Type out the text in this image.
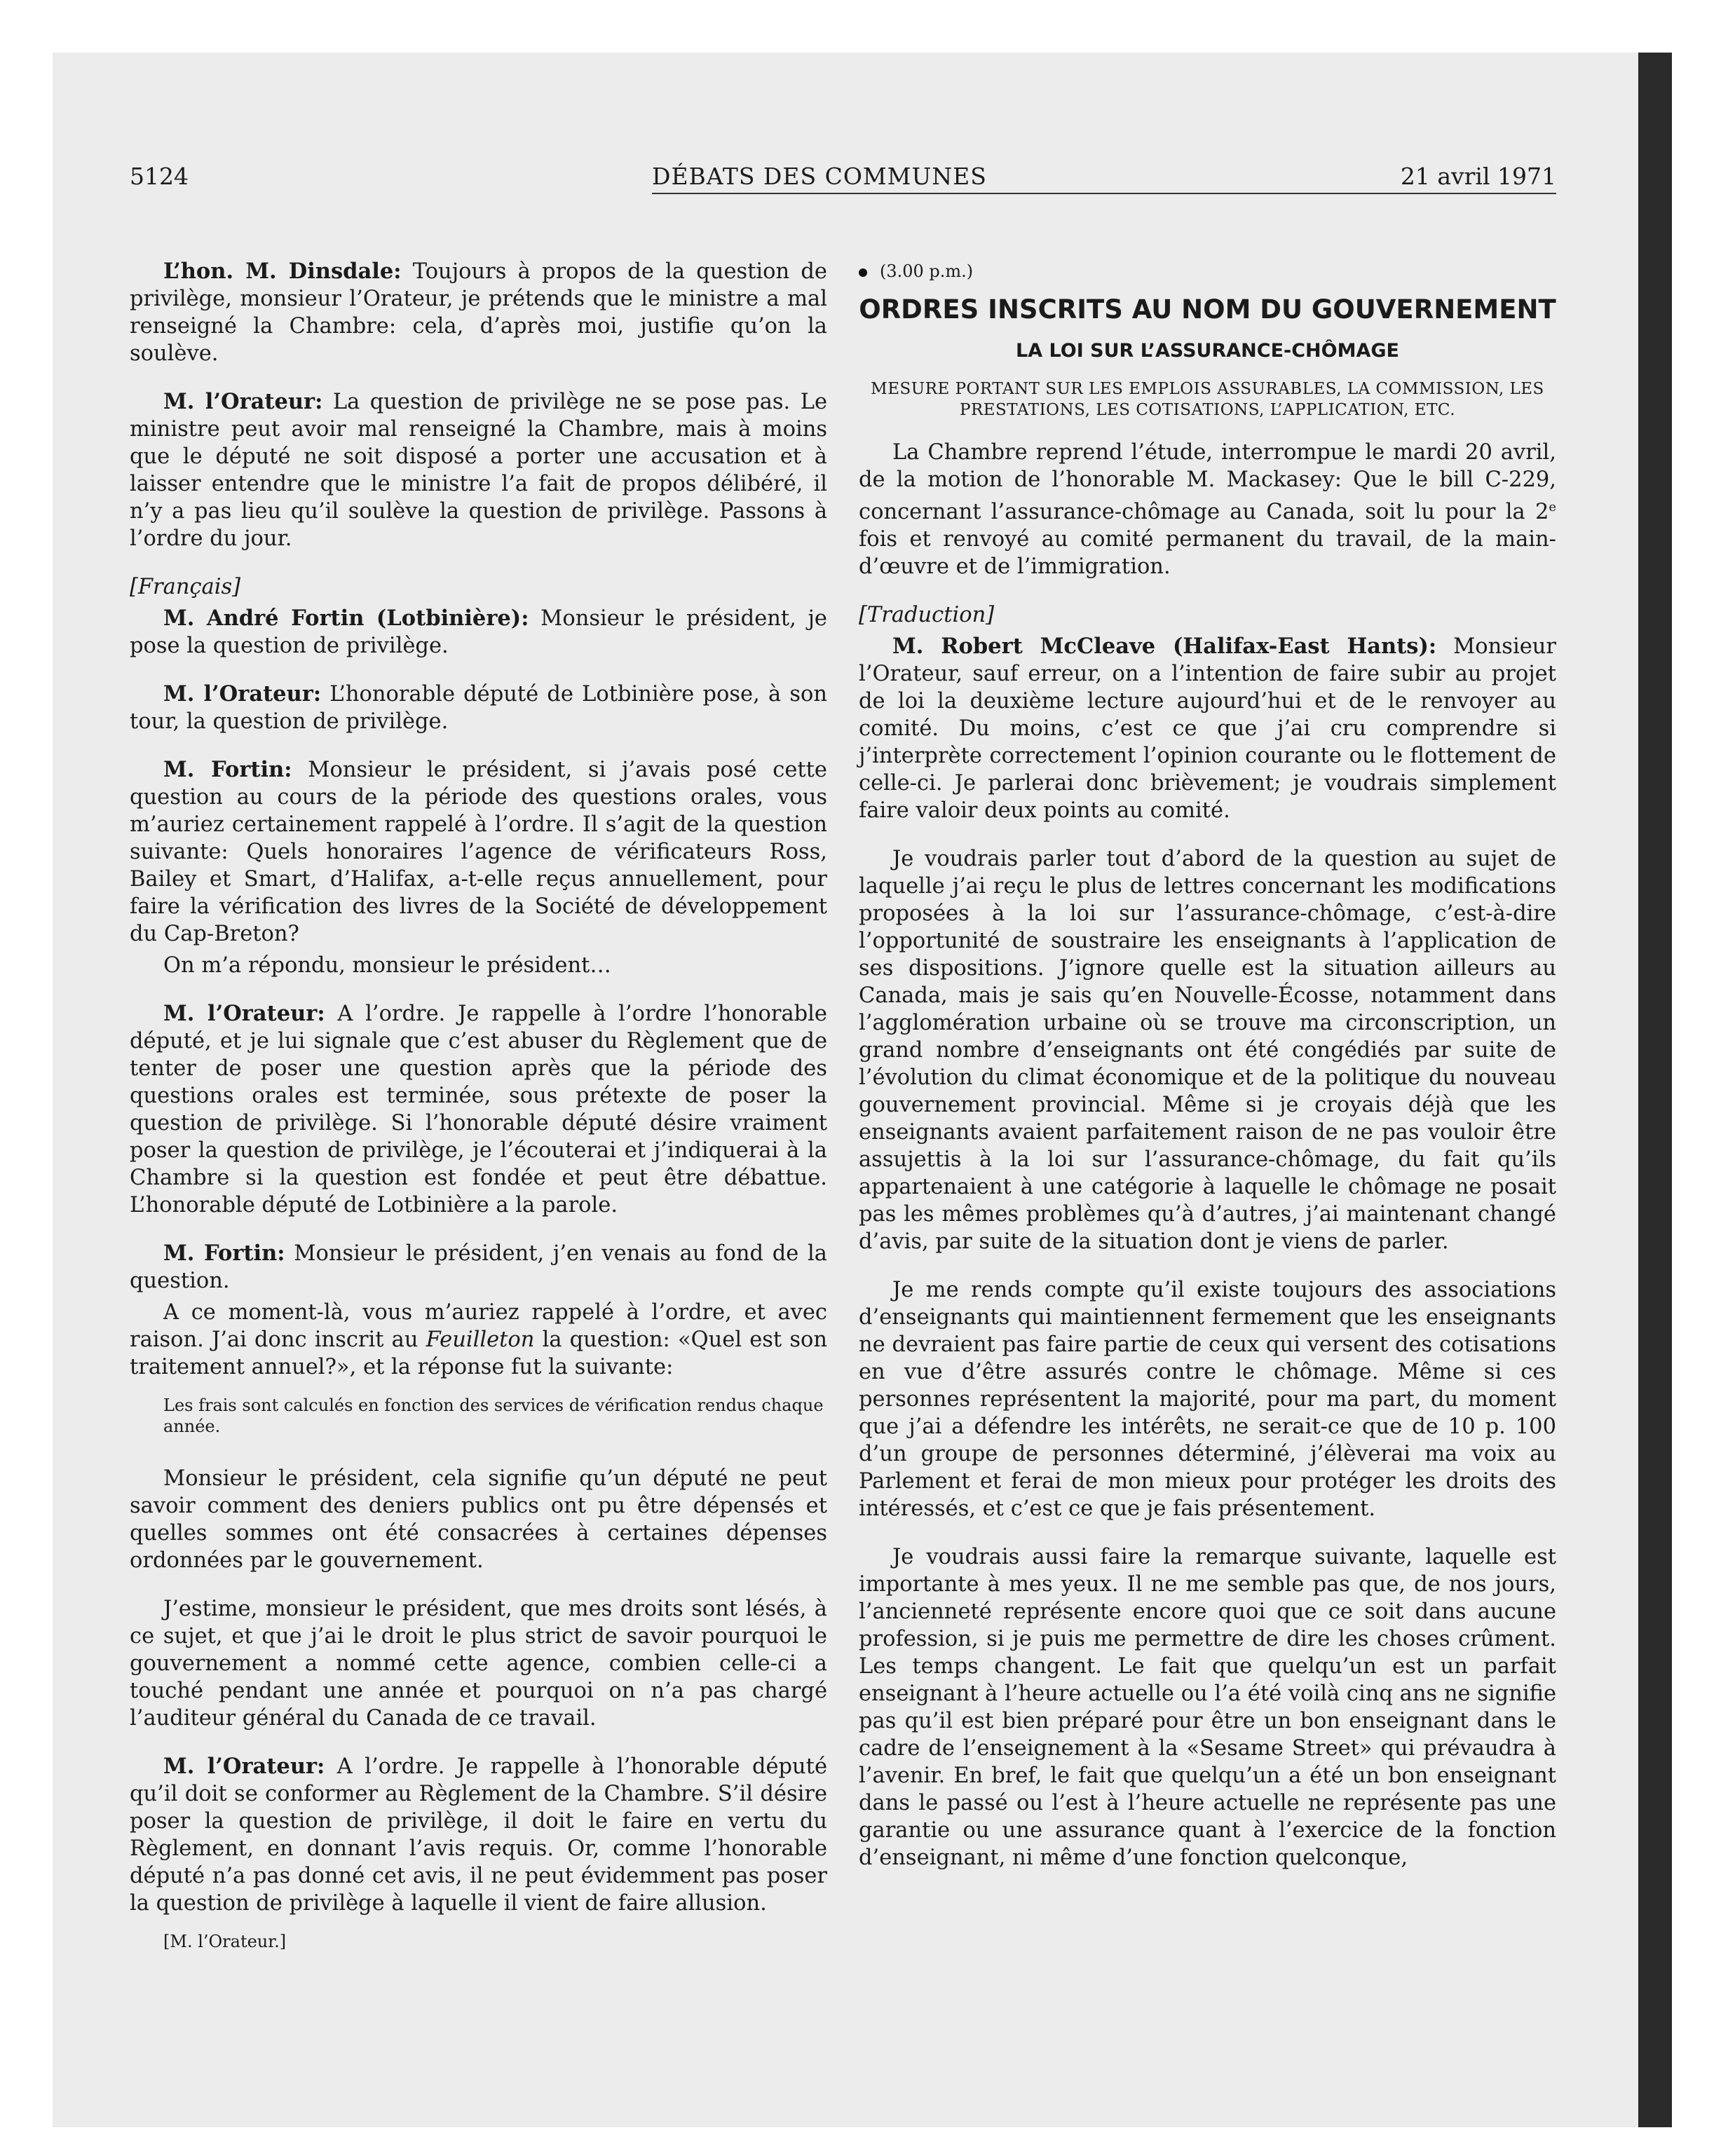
5124	DÉBATS DES COMMUNES	21 avril 1971

L’hon. M. Dinsdale: Toujours à propos de la question de privilège, monsieur l’Orateur, je prétends que le ministre a mal renseigné la Chambre: cela, d’après moi, justifie qu’on la soulève.

M. l’Orateur: La question de privilège ne se pose pas. Le ministre peut avoir mal renseigné la Chambre, mais à moins que le député ne soit disposé a porter une accusation et à laisser entendre que le ministre l’a fait de propos délibéré, il n’y a pas lieu qu’il soulève la question de privilège. Passons à l’ordre du jour.

[Français]

M. André Fortin (Lotbinière): Monsieur le président, je pose la question de privilège.

M. l’Orateur: L’honorable député de Lotbinière pose, à son tour, la question de privilège.

M. Fortin: Monsieur le président, si j’avais posé cette question au cours de la période des questions orales, vous m’auriez certainement rappelé à l’ordre. Il s’agit de la question suivante: Quels honoraires l’agence de vérificateurs Ross, Bailey et Smart, d’Halifax, a-t-elle reçus annuellement, pour faire la vérification des livres de la Société de développement du Cap-Breton?

On m’a répondu, monsieur le président…

M. l’Orateur: A l’ordre. Je rappelle à l’ordre l’honorable député, et je lui signale que c’est abuser du Règlement que de tenter de poser une question après que la période des questions orales est terminée, sous prétexte de poser la question de privilège. Si l’honorable député désire vraiment poser la question de privilège, je l’écouterai et j’indiquerai à la Chambre si la question est fondée et peut être débattue. L’honorable député de Lotbinière a la parole.

M. Fortin: Monsieur le président, j’en venais au fond de la question.

A ce moment-là, vous m’auriez rappelé à l’ordre, et avec raison. J’ai donc inscrit au Feuilleton la question: «Quel est son traitement annuel?», et la réponse fut la suivante:

Les frais sont calculés en fonction des services de vérification rendus chaque année.

Monsieur le président, cela signifie qu’un député ne peut savoir comment des deniers publics ont pu être dépensés et quelles sommes ont été consacrées à certaines dépenses ordonnées par le gouvernement.

J’estime, monsieur le président, que mes droits sont lésés, à ce sujet, et que j’ai le droit le plus strict de savoir pourquoi le gouvernement a nommé cette agence, combien celle-ci a touché pendant une année et pourquoi on n’a pas chargé l’auditeur général du Canada de ce travail.

M. l’Orateur: A l’ordre. Je rappelle à l’honorable député qu’il doit se conformer au Règlement de la Chambre. S’il désire poser la question de privilège, il doit le faire en vertu du Règlement, en donnant l’avis requis. Or, comme l’honorable député n’a pas donné cet avis, il ne peut évidemment pas poser la question de privilège à laquelle il vient de faire allusion.

[M. l’Orateur.]
(3.00 p.m.)
ORDRES INSCRITS AU NOM DU GOUVERNEMENT
LA LOI SUR L’ASSURANCE-CHÔMAGE
MESURE PORTANT SUR LES EMPLOIS ASSURABLES, LA COMMISSION, LES PRESTATIONS, LES COTISATIONS, L’APPLICATION, ETC.

La Chambre reprend l’étude, interrompue le mardi 20 avril, de la motion de l’honorable M. Mackasey: Que le bill C-229, concernant l’assurance-chômage au Canada, soit lu pour la 2e fois et renvoyé au comité permanent du travail, de la main-d’œuvre et de l’immigration.

[Traduction]

M. Robert McCleave (Halifax-East Hants): Monsieur l’Orateur, sauf erreur, on a l’intention de faire subir au projet de loi la deuxième lecture aujourd’hui et de le renvoyer au comité. Du moins, c’est ce que j’ai cru comprendre si j’interprète correctement l’opinion courante ou le flottement de celle-ci. Je parlerai donc brièvement; je voudrais simplement faire valoir deux points au comité.

Je voudrais parler tout d’abord de la question au sujet de laquelle j’ai reçu le plus de lettres concernant les modifications proposées à la loi sur l’assurance-chômage, c’est-à-dire l’opportunité de soustraire les enseignants à l’application de ses dispositions. J’ignore quelle est la situation ailleurs au Canada, mais je sais qu’en Nouvelle-Écosse, notamment dans l’agglomération urbaine où se trouve ma circonscription, un grand nombre d’enseignants ont été congédiés par suite de l’évolution du climat économique et de la politique du nouveau gouvernement provincial. Même si je croyais déjà que les enseignants avaient parfaitement raison de ne pas vouloir être assujettis à la loi sur l’assurance-chômage, du fait qu’ils appartenaient à une catégorie à laquelle le chômage ne posait pas les mêmes problèmes qu’à d’autres, j’ai maintenant changé d’avis, par suite de la situation dont je viens de parler.

Je me rends compte qu’il existe toujours des associations d’enseignants qui maintiennent fermement que les enseignants ne devraient pas faire partie de ceux qui versent des cotisations en vue d’être assurés contre le chômage. Même si ces personnes représentent la majorité, pour ma part, du moment que j’ai a défendre les intérêts, ne serait-ce que de 10 p. 100 d’un groupe de personnes déterminé, j’élèverai ma voix au Parlement et ferai de mon mieux pour protéger les droits des intéressés, et c’est ce que je fais présentement.

Je voudrais aussi faire la remarque suivante, laquelle est importante à mes yeux. Il ne me semble pas que, de nos jours, l’ancienneté représente encore quoi que ce soit dans aucune profession, si je puis me permettre de dire les choses crûment. Les temps changent. Le fait que quelqu’un est un parfait enseignant à l’heure actuelle ou l’a été voilà cinq ans ne signifie pas qu’il est bien préparé pour être un bon enseignant dans le cadre de l’enseignement à la «Sesame Street» qui prévaudra à l’avenir. En bref, le fait que quelqu’un a été un bon enseignant dans le passé ou l’est à l’heure actuelle ne représente pas une garantie ou une assurance quant à l’exercice de la fonction d’enseignant, ni même d’une fonction quelconque,
